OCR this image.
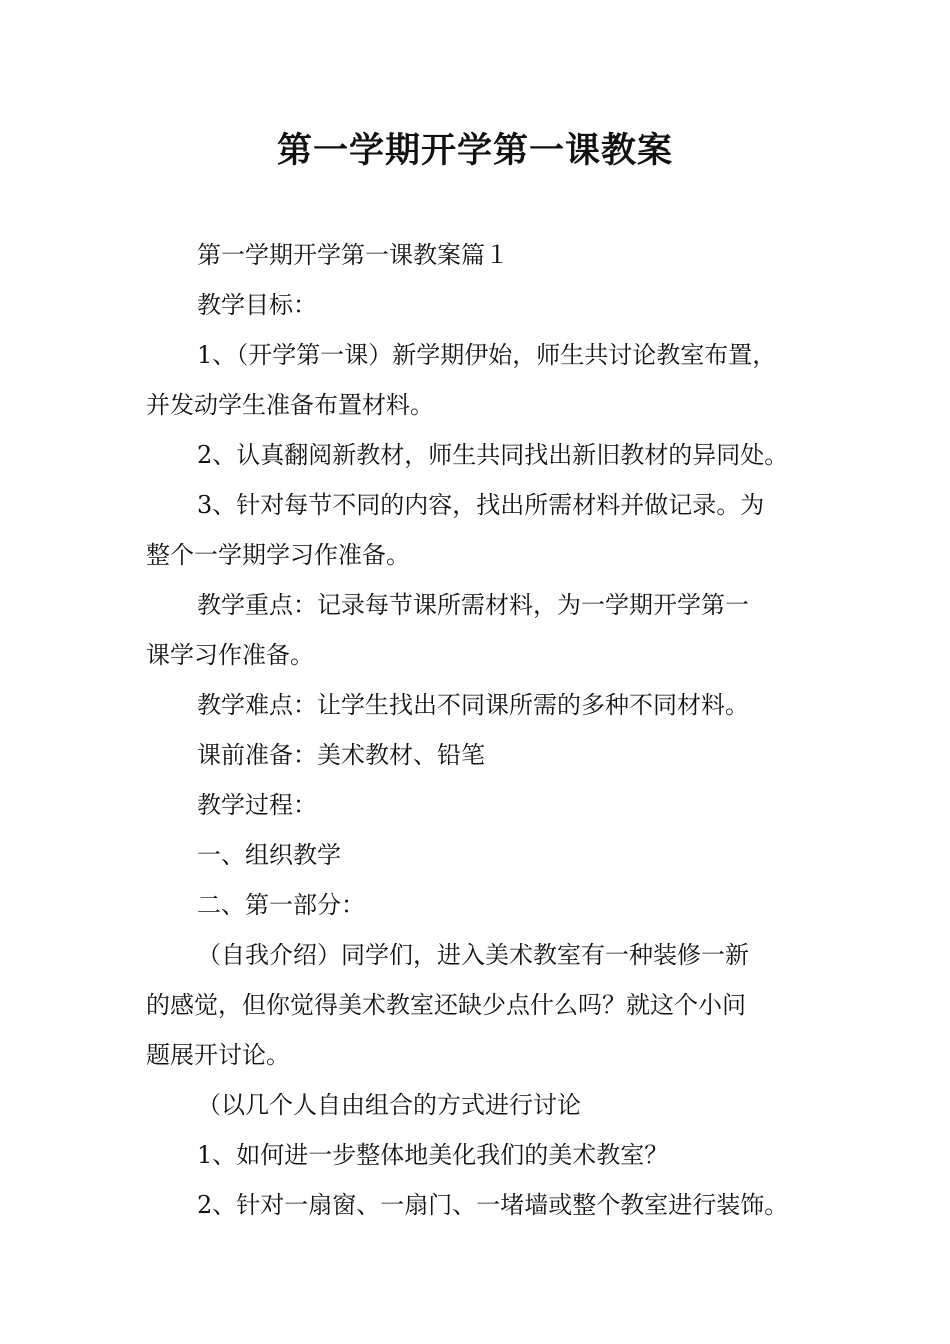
第一学期开学第一课教案

第一学期开学第一课教案篇１

教学目标：

1、（开学第一课）新学期伊始，师生共讨论教室布置，

并发动学生准备布置材料。

2、认真翻阅新教材，师生共同找出新旧教材的异同处。

3、针对每节不同的内容，找出所需材料并做记录。为

整个一学期学习作准备。

教学重点：记录每节课所需材料，为一学期开学第一

课学习作准备。

教学难点：让学生找出不同课所需的多种不同材料。

课前准备：美术教材、铅笔

教学过程：

一、组织教学

二、第一部分：

（自我介绍）同学们，进入美术教室有一种装修一新

的感觉，但你觉得美术教室还缺少点什么吗？就这个小问

题展开讨论。

（以几个人自由组合的方式进行讨论

1、如何进一步整体地美化我们的美术教室？

2、针对一扇窗、一扇门、一堵墙或整个教室进行装饰。
